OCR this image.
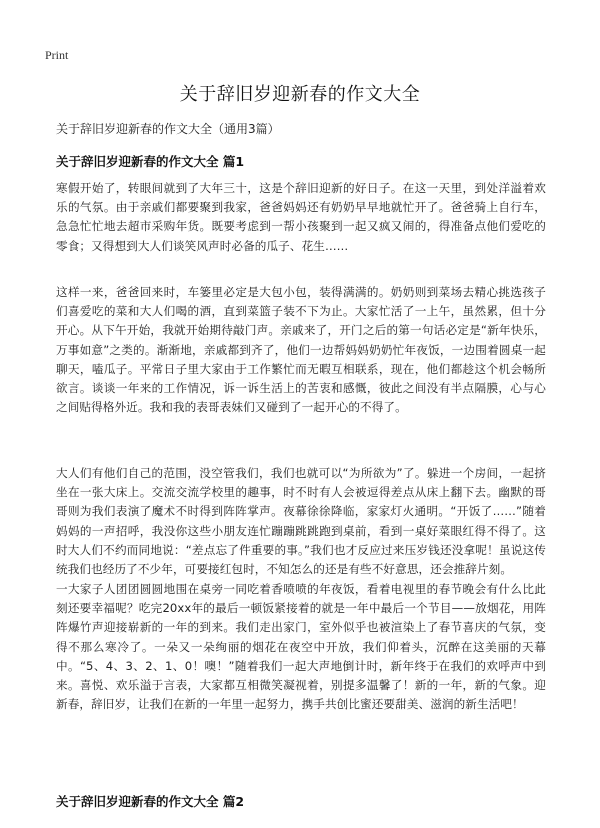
Print
关于辞旧岁迎新春的作文大全

关于辞旧岁迎新春的作文大全（通用3篇）

关于辞旧岁迎新春的作文大全 篇1

寒假开始了，转眼间就到了大年三十，这是个辞旧迎新的好日子。在这一天里，到处洋溢着欢乐的气氛。由于亲戚们都要聚到我家，爸爸妈妈还有奶奶早早地就忙开了。爸爸骑上自行车，急急忙忙地去超市采购年货。既要考虑到一帮小孩聚到一起又疯又闹的，得准备点他们爱吃的零食；又得想到大人们谈笑风声时必备的瓜子、花生……

这样一来，爸爸回来时，车篓里必定是大包小包，装得满满的。奶奶则到菜场去精心挑选孩子们喜爱吃的菜和大人们喝的酒，直到菜篮子装不下为止。大家忙活了一上午，虽然累，但十分开心。从下午开始，我就开始期待敲门声。亲戚来了，开门之后的第一句话必定是“新年快乐，万事如意”之类的。渐渐地，亲戚都到齐了，他们一边帮妈妈奶奶忙年夜饭，一边围着圆桌一起聊天，嗑瓜子。平常日子里大家由于工作繁忙而无暇互相联系，现在，他们都趁这个机会畅所欲言。谈谈一年来的工作情况，诉一诉生活上的苦衷和感慨，彼此之间没有半点隔膜，心与心之间贴得格外近。我和我的表哥表妹们又碰到了一起开心的不得了。

大人们有他们自己的范围，没空管我们，我们也就可以“为所欲为”了。躲进一个房间，一起挤坐在一张大床上。交流交流学校里的趣事，时不时有人会被逗得差点从床上翻下去。幽默的哥哥则为我们表演了魔术不时得到阵阵掌声。夜幕徐徐降临，家家灯火通明。“开饭了……”随着妈妈的一声招呼，我没你这些小朋友连忙蹦蹦跳跳跑到桌前，看到一桌好菜眼红得不得了。这时大人们不约而同地说：“差点忘了件重要的事。”我们也才反应过来压岁钱还没拿呢！虽说这传统我们也经历了不少年，可要接红包时，不知怎么的还是有些不好意思，还会推辞片刻。

一大家子人团团圆圆地围在桌旁一同吃着香喷喷的年夜饭，看着电视里的春节晚会有什么比此刻还要幸福呢？吃完20xx年的最后一顿饭紧接着的就是一年中最后一个节目——放烟花，用阵阵爆竹声迎接崭新的一年的到来。我们走出家门，室外似乎也被渲染上了春节喜庆的气氛，变得不那么寒冷了。一朵又一朵绚丽的烟花在夜空中开放，我们仰着头，沉醉在这美丽的天幕中。“5、4、3、2、1、0！噢！”随着我们一起大声地倒计时，新年终于在我们的欢呼声中到来。喜悦、欢乐溢于言表，大家都互相微笑凝视着，别提多温馨了！新的一年，新的气象。迎新春，辞旧岁，让我们在新的一年里一起努力，携手共创比蜜还要甜美、滋润的新生活吧！

关于辞旧岁迎新春的作文大全 篇2
